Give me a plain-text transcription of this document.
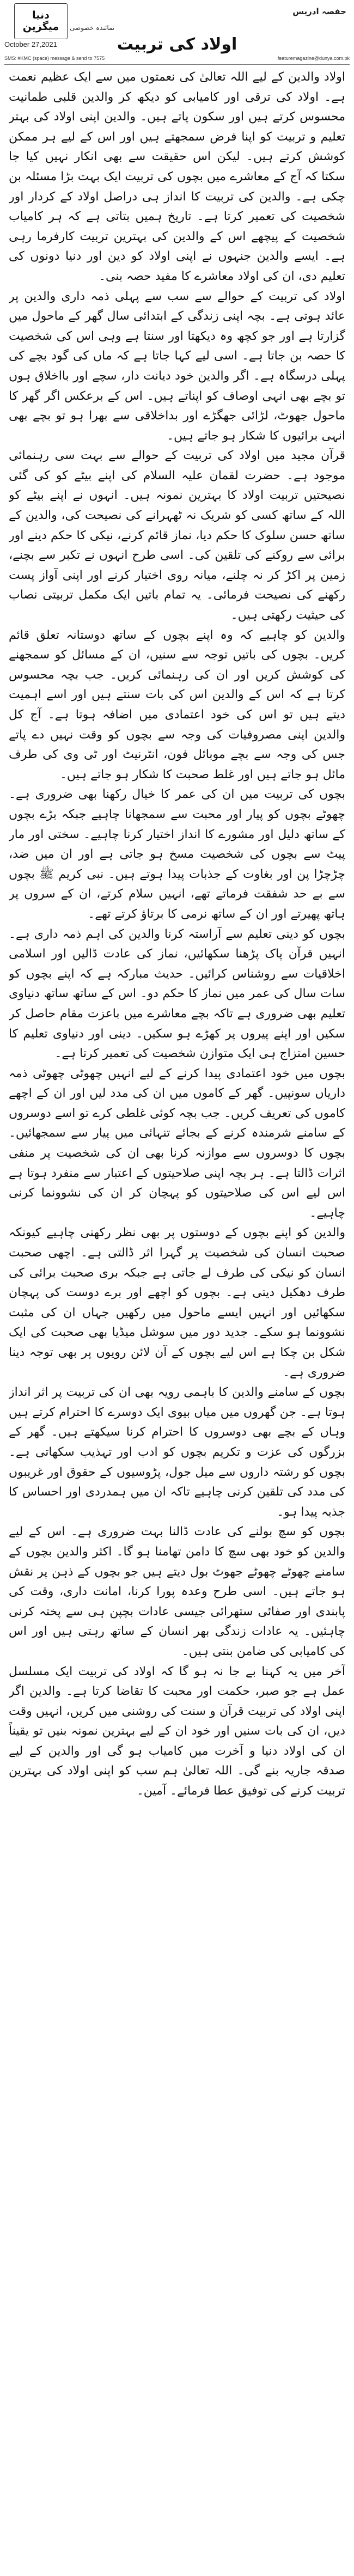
حفصہ ادریس
دنیا
میگزین نمائندہ خصوصی
اولاد کی تربیت
October 27,2021
SMS: #KMC (space) message & send to 7575	featuremagazine@dunya.com.pk

اولاد والدین کے لیے اللہ تعالیٰ کی نعمتوں میں سے ایک عظیم نعمت ہے۔ اولاد کی ترقی اور کامیابی کو دیکھ کر والدین قلبی طمانیت محسوس کرتے ہیں اور سکون پاتے ہیں۔ والدین اپنی اولاد کی بہتر تعلیم و تربیت کو اپنا فرض سمجھتے ہیں اور اس کے لیے ہر ممکن کوشش کرتے ہیں۔ لیکن اس حقیقت سے بھی انکار نہیں کیا جا سکتا کہ آج کے معاشرے میں بچوں کی تربیت ایک بہت بڑا مسئلہ بن چکی ہے۔ والدین کی تربیت کا انداز ہی دراصل اولاد کے کردار اور شخصیت کی تعمیر کرتا ہے۔ تاریخ ہمیں بتاتی ہے کہ ہر کامیاب شخصیت کے پیچھے اس کے والدین کی بہترین تربیت کارفرما رہی ہے۔ ایسے والدین جنہوں نے اپنی اولاد کو دین اور دنیا دونوں کی تعلیم دی، ان کی اولاد معاشرے کا مفید حصہ بنی۔

اولاد کی تربیت کے حوالے سے سب سے پہلی ذمہ داری والدین پر عائد ہوتی ہے۔ بچہ اپنی زندگی کے ابتدائی سال گھر کے ماحول میں گزارتا ہے اور جو کچھ وہ دیکھتا اور سنتا ہے وہی اس کی شخصیت کا حصہ بن جاتا ہے۔ اسی لیے کہا جاتا ہے کہ ماں کی گود بچے کی پہلی درسگاہ ہے۔ اگر والدین خود دیانت دار، سچے اور بااخلاق ہوں تو بچے بھی انہی اوصاف کو اپناتے ہیں۔ اس کے برعکس اگر گھر کا ماحول جھوٹ، لڑائی جھگڑے اور بداخلاقی سے بھرا ہو تو بچے بھی انہی برائیوں کا شکار ہو جاتے ہیں۔

قرآن مجید میں اولاد کی تربیت کے حوالے سے بہت سی رہنمائی موجود ہے۔ حضرت لقمان علیہ السلام کی اپنے بیٹے کو کی گئی نصیحتیں تربیت اولاد کا بہترین نمونہ ہیں۔ انہوں نے اپنے بیٹے کو اللہ کے ساتھ کسی کو شریک نہ ٹھہرانے کی نصیحت کی، والدین کے ساتھ حسن سلوک کا حکم دیا، نماز قائم کرنے، نیکی کا حکم دینے اور برائی سے روکنے کی تلقین کی۔ اسی طرح انہوں نے تکبر سے بچنے، زمین پر اکڑ کر نہ چلنے، میانہ روی اختیار کرنے اور اپنی آواز پست رکھنے کی نصیحت فرمائی۔ یہ تمام باتیں ایک مکمل تربیتی نصاب کی حیثیت رکھتی ہیں۔

والدین کو چاہیے کہ وہ اپنے بچوں کے ساتھ دوستانہ تعلق قائم کریں۔ بچوں کی باتیں توجہ سے سنیں، ان کے مسائل کو سمجھنے کی کوشش کریں اور ان کی رہنمائی کریں۔ جب بچہ محسوس کرتا ہے کہ اس کے والدین اس کی بات سنتے ہیں اور اسے اہمیت دیتے ہیں تو اس کی خود اعتمادی میں اضافہ ہوتا ہے۔ آج کل والدین اپنی مصروفیات کی وجہ سے بچوں کو وقت نہیں دے پاتے جس کی وجہ سے بچے موبائل فون، انٹرنیٹ اور ٹی وی کی طرف مائل ہو جاتے ہیں اور غلط صحبت کا شکار ہو جاتے ہیں۔

بچوں کی تربیت میں ان کی عمر کا خیال رکھنا بھی ضروری ہے۔ چھوٹے بچوں کو پیار اور محبت سے سمجھانا چاہیے جبکہ بڑے بچوں کے ساتھ دلیل اور مشورے کا انداز اختیار کرنا چاہیے۔ سختی اور مار پیٹ سے بچوں کی شخصیت مسخ ہو جاتی ہے اور ان میں ضد، چڑچڑا پن اور بغاوت کے جذبات پیدا ہوتے ہیں۔ نبی کریم ﷺ بچوں سے بے حد شفقت فرماتے تھے، انہیں سلام کرتے، ان کے سروں پر ہاتھ پھیرتے اور ان کے ساتھ نرمی کا برتاؤ کرتے تھے۔

بچوں کو دینی تعلیم سے آراستہ کرنا والدین کی اہم ذمہ داری ہے۔ انہیں قرآن پاک پڑھنا سکھائیں، نماز کی عادت ڈالیں اور اسلامی اخلاقیات سے روشناس کرائیں۔ حدیث مبارکہ ہے کہ اپنے بچوں کو سات سال کی عمر میں نماز کا حکم دو۔ اس کے ساتھ ساتھ دنیاوی تعلیم بھی ضروری ہے تاکہ بچے معاشرے میں باعزت مقام حاصل کر سکیں اور اپنے پیروں پر کھڑے ہو سکیں۔ دینی اور دنیاوی تعلیم کا حسین امتزاج ہی ایک متوازن شخصیت کی تعمیر کرتا ہے۔

بچوں میں خود اعتمادی پیدا کرنے کے لیے انہیں چھوٹی چھوٹی ذمہ داریاں سونپیں۔ گھر کے کاموں میں ان کی مدد لیں اور ان کے اچھے کاموں کی تعریف کریں۔ جب بچہ کوئی غلطی کرے تو اسے دوسروں کے سامنے شرمندہ کرنے کے بجائے تنہائی میں پیار سے سمجھائیں۔ بچوں کا دوسروں سے موازنہ کرنا بھی ان کی شخصیت پر منفی اثرات ڈالتا ہے۔ ہر بچہ اپنی صلاحیتوں کے اعتبار سے منفرد ہوتا ہے اس لیے اس کی صلاحیتوں کو پہچان کر ان کی نشوونما کرنی چاہیے۔

والدین کو اپنے بچوں کے دوستوں پر بھی نظر رکھنی چاہیے کیونکہ صحبت انسان کی شخصیت پر گہرا اثر ڈالتی ہے۔ اچھی صحبت انسان کو نیکی کی طرف لے جاتی ہے جبکہ بری صحبت برائی کی طرف دھکیل دیتی ہے۔ بچوں کو اچھے اور برے دوست کی پہچان سکھائیں اور انہیں ایسے ماحول میں رکھیں جہاں ان کی مثبت نشوونما ہو سکے۔ جدید دور میں سوشل میڈیا بھی صحبت کی ایک شکل بن چکا ہے اس لیے بچوں کے آن لائن رویوں پر بھی توجہ دینا ضروری ہے۔

بچوں کے سامنے والدین کا باہمی رویہ بھی ان کی تربیت پر اثر انداز ہوتا ہے۔ جن گھروں میں میاں بیوی ایک دوسرے کا احترام کرتے ہیں وہاں کے بچے بھی دوسروں کا احترام کرنا سیکھتے ہیں۔ گھر کے بزرگوں کی عزت و تکریم بچوں کو ادب اور تہذیب سکھاتی ہے۔ بچوں کو رشتہ داروں سے میل جول، پڑوسیوں کے حقوق اور غریبوں کی مدد کی تلقین کرنی چاہیے تاکہ ان میں ہمدردی اور احساس کا جذبہ پیدا ہو۔

بچوں کو سچ بولنے کی عادت ڈالنا بہت ضروری ہے۔ اس کے لیے والدین کو خود بھی سچ کا دامن تھامنا ہو گا۔ اکثر والدین بچوں کے سامنے چھوٹے چھوٹے جھوٹ بول دیتے ہیں جو بچوں کے ذہن پر نقش ہو جاتے ہیں۔ اسی طرح وعدہ پورا کرنا، امانت داری، وقت کی پابندی اور صفائی ستھرائی جیسی عادات بچپن ہی سے پختہ کرنی چاہئیں۔ یہ عادات زندگی بھر انسان کے ساتھ رہتی ہیں اور اس کی کامیابی کی ضامن بنتی ہیں۔

آخر میں یہ کہنا بے جا نہ ہو گا کہ اولاد کی تربیت ایک مسلسل عمل ہے جو صبر، حکمت اور محبت کا تقاضا کرتا ہے۔ والدین اگر اپنی اولاد کی تربیت قرآن و سنت کی روشنی میں کریں، انہیں وقت دیں، ان کی بات سنیں اور خود ان کے لیے بہترین نمونہ بنیں تو یقیناً ان کی اولاد دنیا و آخرت میں کامیاب ہو گی اور والدین کے لیے صدقہ جاریہ بنے گی۔ اللہ تعالیٰ ہم سب کو اپنی اولاد کی بہترین تربیت کرنے کی توفیق عطا فرمائے۔ آمین۔
